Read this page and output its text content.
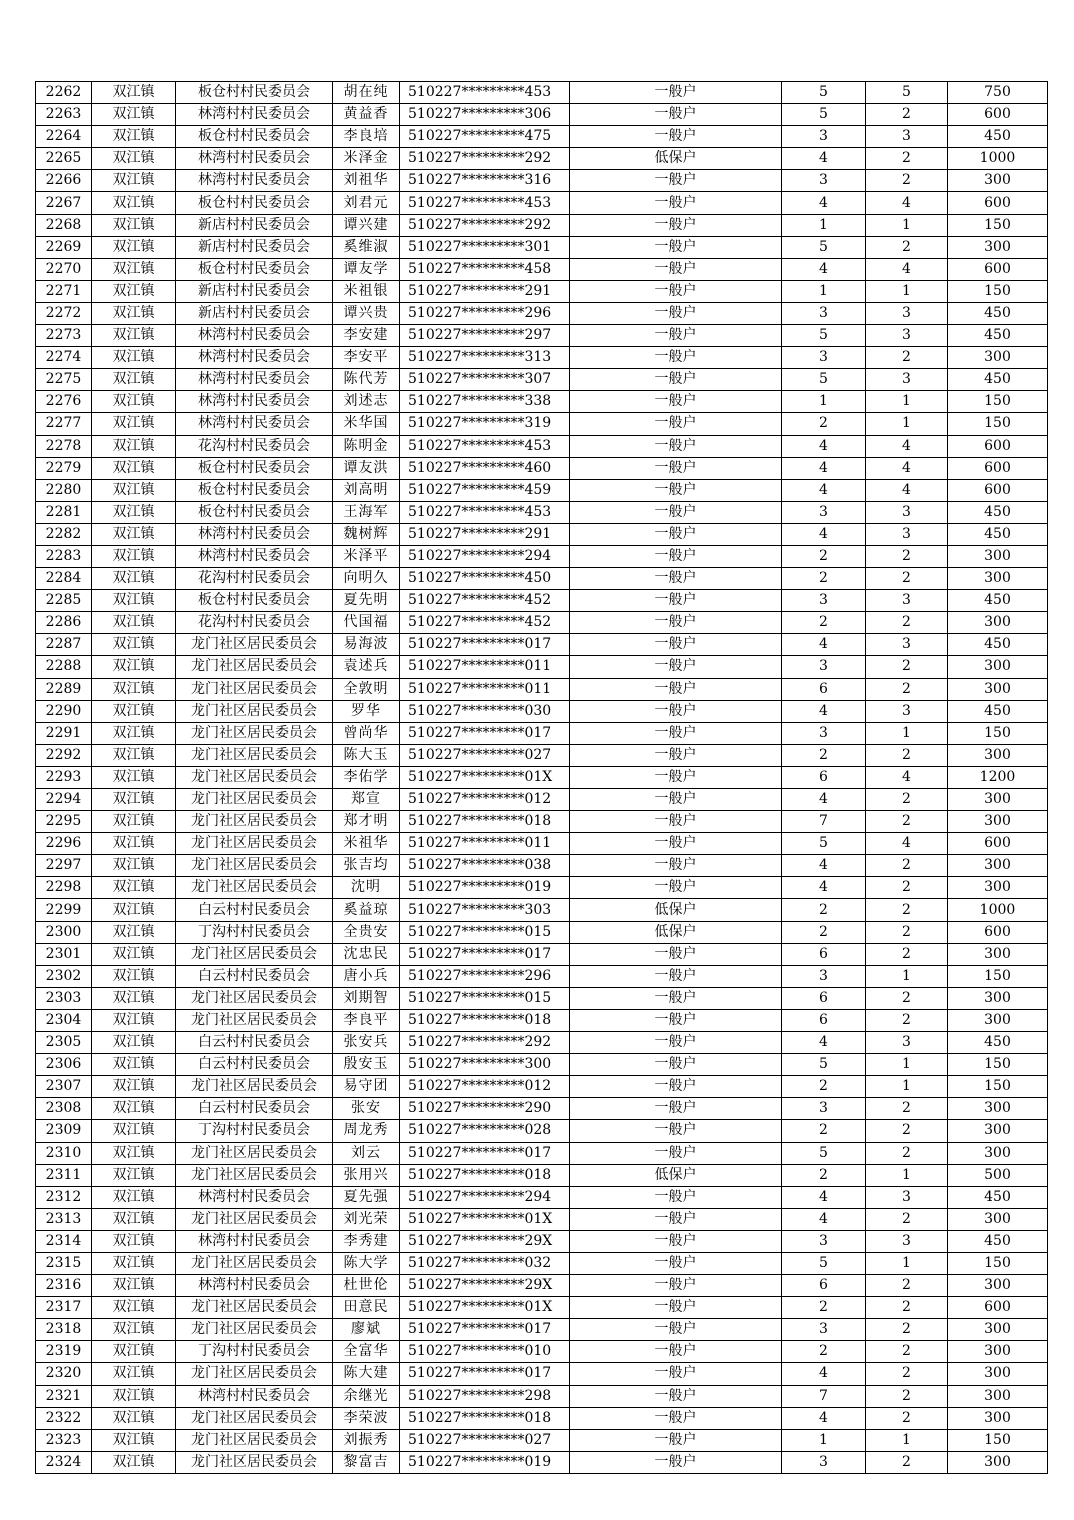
2262	双江镇	板仓村村民委员会	胡在纯	510227*********453	一般户	5	5	750
2263	双江镇	林湾村村民委员会	黄益香	510227*********306	一般户	5	2	600
2264	双江镇	板仓村村民委员会	李良培	510227*********475	一般户	3	3	450
2265	双江镇	林湾村村民委员会	米泽金	510227*********292	低保户	4	2	1000
2266	双江镇	林湾村村民委员会	刘祖华	510227*********316	一般户	3	2	300
2267	双江镇	板仓村村民委员会	刘君元	510227*********453	一般户	4	4	600
2268	双江镇	新店村村民委员会	谭兴建	510227*********292	一般户	1	1	150
2269	双江镇	新店村村民委员会	奚维淑	510227*********301	一般户	5	2	300
2270	双江镇	板仓村村民委员会	谭友学	510227*********458	一般户	4	4	600
2271	双江镇	新店村村民委员会	米祖银	510227*********291	一般户	1	1	150
2272	双江镇	新店村村民委员会	谭兴贵	510227*********296	一般户	3	3	450
2273	双江镇	林湾村村民委员会	李安建	510227*********297	一般户	5	3	450
2274	双江镇	林湾村村民委员会	李安平	510227*********313	一般户	3	2	300
2275	双江镇	林湾村村民委员会	陈代芳	510227*********307	一般户	5	3	450
2276	双江镇	林湾村村民委员会	刘述志	510227*********338	一般户	1	1	150
2277	双江镇	林湾村村民委员会	米华国	510227*********319	一般户	2	1	150
2278	双江镇	花沟村村民委员会	陈明金	510227*********453	一般户	4	4	600
2279	双江镇	板仓村村民委员会	谭友洪	510227*********460	一般户	4	4	600
2280	双江镇	板仓村村民委员会	刘高明	510227*********459	一般户	4	4	600
2281	双江镇	板仓村村民委员会	王海军	510227*********453	一般户	3	3	450
2282	双江镇	林湾村村民委员会	魏树辉	510227*********291	一般户	4	3	450
2283	双江镇	林湾村村民委员会	米泽平	510227*********294	一般户	2	2	300
2284	双江镇	花沟村村民委员会	向明久	510227*********450	一般户	2	2	300
2285	双江镇	板仓村村民委员会	夏先明	510227*********452	一般户	3	3	450
2286	双江镇	花沟村村民委员会	代国福	510227*********452	一般户	2	2	300
2287	双江镇	龙门社区居民委员会	易海波	510227*********017	一般户	4	3	450
2288	双江镇	龙门社区居民委员会	袁述兵	510227*********011	一般户	3	2	300
2289	双江镇	龙门社区居民委员会	全敦明	510227*********011	一般户	6	2	300
2290	双江镇	龙门社区居民委员会	罗华	510227*********030	一般户	4	3	450
2291	双江镇	龙门社区居民委员会	曾尚华	510227*********017	一般户	3	1	150
2292	双江镇	龙门社区居民委员会	陈大玉	510227*********027	一般户	2	2	300
2293	双江镇	龙门社区居民委员会	李佑学	510227*********01X	一般户	6	4	1200
2294	双江镇	龙门社区居民委员会	郑宣	510227*********012	一般户	4	2	300
2295	双江镇	龙门社区居民委员会	郑才明	510227*********018	一般户	7	2	300
2296	双江镇	龙门社区居民委员会	米祖华	510227*********011	一般户	5	4	600
2297	双江镇	龙门社区居民委员会	张吉均	510227*********038	一般户	4	2	300
2298	双江镇	龙门社区居民委员会	沈明	510227*********019	一般户	4	2	300
2299	双江镇	白云村村民委员会	奚益琼	510227*********303	低保户	2	2	1000
2300	双江镇	丁沟村村民委员会	全贵安	510227*********015	低保户	2	2	600
2301	双江镇	龙门社区居民委员会	沈忠民	510227*********017	一般户	6	2	300
2302	双江镇	白云村村民委员会	唐小兵	510227*********296	一般户	3	1	150
2303	双江镇	龙门社区居民委员会	刘期智	510227*********015	一般户	6	2	300
2304	双江镇	龙门社区居民委员会	李良平	510227*********018	一般户	6	2	300
2305	双江镇	白云村村民委员会	张安兵	510227*********292	一般户	4	3	450
2306	双江镇	白云村村民委员会	殷安玉	510227*********300	一般户	5	1	150
2307	双江镇	龙门社区居民委员会	易守团	510227*********012	一般户	2	1	150
2308	双江镇	白云村村民委员会	张安	510227*********290	一般户	3	2	300
2309	双江镇	丁沟村村民委员会	周龙秀	510227*********028	一般户	2	2	300
2310	双江镇	龙门社区居民委员会	刘云	510227*********017	一般户	5	2	300
2311	双江镇	龙门社区居民委员会	张用兴	510227*********018	低保户	2	1	500
2312	双江镇	林湾村村民委员会	夏先强	510227*********294	一般户	4	3	450
2313	双江镇	龙门社区居民委员会	刘光荣	510227*********01X	一般户	4	2	300
2314	双江镇	林湾村村民委员会	李秀建	510227*********29X	一般户	3	3	450
2315	双江镇	龙门社区居民委员会	陈大学	510227*********032	一般户	5	1	150
2316	双江镇	林湾村村民委员会	杜世伦	510227*********29X	一般户	6	2	300
2317	双江镇	龙门社区居民委员会	田意民	510227*********01X	一般户	2	2	600
2318	双江镇	龙门社区居民委员会	廖斌	510227*********017	一般户	3	2	300
2319	双江镇	丁沟村村民委员会	全富华	510227*********010	一般户	2	2	300
2320	双江镇	龙门社区居民委员会	陈大建	510227*********017	一般户	4	2	300
2321	双江镇	林湾村村民委员会	余继光	510227*********298	一般户	7	2	300
2322	双江镇	龙门社区居民委员会	李荣波	510227*********018	一般户	4	2	300
2323	双江镇	龙门社区居民委员会	刘振秀	510227*********027	一般户	1	1	150
2324	双江镇	龙门社区居民委员会	黎富吉	510227*********019	一般户	3	2	300
